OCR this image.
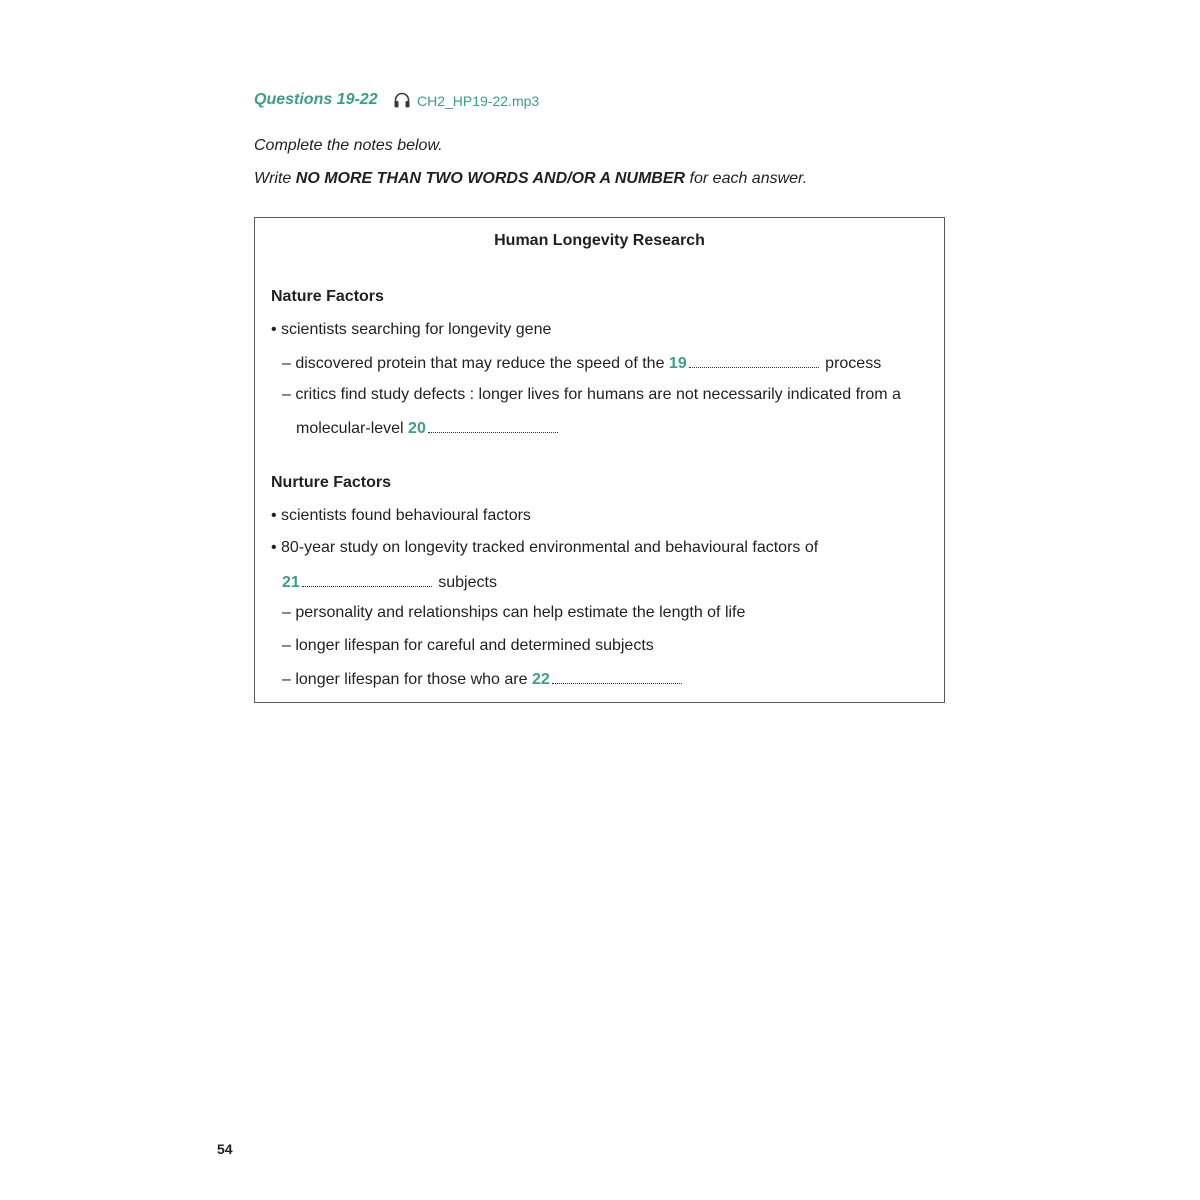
Questions 19-22	CH2_HP19-22.mp3
Complete the notes below.
Write NO MORE THAN TWO WORDS AND/OR A NUMBER for each answer.
Human Longevity Research
Nature Factors
• scientists searching for longevity gene
– discovered protein that may reduce the speed of the 19	process
– critics find study defects : longer lives for humans are not necessarily indicated from a
molecular-level 20
Nurture Factors
• scientists found behavioural factors
• 80-year study on longevity tracked environmental and behavioural factors of
21	subjects
– personality and relationships can help estimate the length of life
– longer lifespan for careful and determined subjects
– longer lifespan for those who are 22
54
